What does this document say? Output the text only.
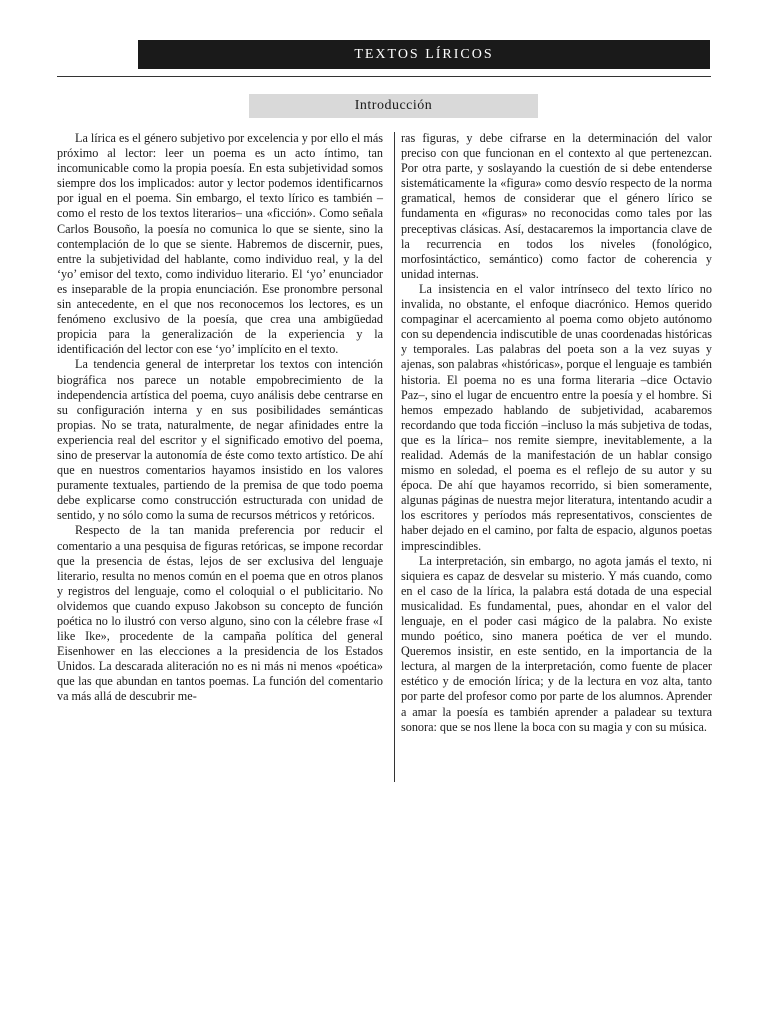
TEXTOS LÍRICOS
Introducción

La lírica es el género subjetivo por excelencia y por ello el más próximo al lector: leer un poema es un acto íntimo, tan incomunicable como la propia poesía. En esta subjetividad somos siempre dos los implicados: autor y lector podemos identificarnos por igual en el poema. Sin embargo, el texto lírico es también –como el resto de los textos literarios– una «ficción». Como señala Carlos Bousoño, la poesía no comunica lo que se siente, sino la contemplación de lo que se siente. Habremos de discernir, pues, entre la subjetividad del hablante, como individuo real, y la del ‘yo’ emisor del texto, como individuo literario. El ‘yo’ enunciador es inseparable de la propia enunciación. Ese pronombre personal sin antecedente, en el que nos reconocemos los lectores, es un fenómeno exclusivo de la poesía, que crea una ambigüedad propicia para la generalización de la experiencia y la identificación del lector con ese ‘yo’ implícito en el texto.

La tendencia general de interpretar los textos con intención biográfica nos parece un notable empobrecimiento de la independencia artística del poema, cuyo análisis debe centrarse en su configuración interna y en sus posibilidades semánticas propias. No se trata, naturalmente, de negar afinidades entre la experiencia real del escritor y el significado emotivo del poema, sino de preservar la autonomía de éste como texto artístico. De ahí que en nuestros comentarios hayamos insistido en los valores puramente textuales, partiendo de la premisa de que todo poema debe explicarse como construcción estructurada con unidad de sentido, y no sólo como la suma de recursos métricos y retóricos.

Respecto de la tan manida preferencia por reducir el comentario a una pesquisa de figuras retóricas, se impone recordar que la presencia de éstas, lejos de ser exclusiva del lenguaje literario, resulta no menos común en el poema que en otros planos y registros del lenguaje, como el coloquial o el publicitario. No olvidemos que cuando expuso Jakobson su concepto de función poética no lo ilustró con verso alguno, sino con la célebre frase «I like Ike», procedente de la campaña política del general Eisenhower en las elecciones a la presidencia de los Estados Unidos. La descarada aliteración no es ni más ni menos «poética» que las que abundan en tantos poemas. La función del comentario va más allá de descubrir me-

ras figuras, y debe cifrarse en la determinación del valor preciso con que funcionan en el contexto al que pertenezcan. Por otra parte, y soslayando la cuestión de si debe entenderse sistemáticamente la «figura» como desvío respecto de la norma gramatical, hemos de considerar que el género lírico se fundamenta en «figuras» no reconocidas como tales por las preceptivas clásicas. Así, destacaremos la importancia clave de la recurrencia en todos los niveles (fonológico, morfosintáctico, semántico) como factor de coherencia y unidad internas.

La insistencia en el valor intrínseco del texto lírico no invalida, no obstante, el enfoque diacrónico. Hemos querido compaginar el acercamiento al poema como objeto autónomo con su dependencia indiscutible de unas coordenadas históricas y temporales. Las palabras del poeta son a la vez suyas y ajenas, son palabras «históricas», porque el lenguaje es también historia. El poema no es una forma literaria –dice Octavio Paz–, sino el lugar de encuentro entre la poesía y el hombre. Si hemos empezado hablando de subjetividad, acabaremos recordando que toda ficción –incluso la más subjetiva de todas, que es la lírica– nos remite siempre, inevitablemente, a la realidad. Además de la manifestación de un hablar consigo mismo en soledad, el poema es el reflejo de su autor y su época. De ahí que hayamos recorrido, si bien someramente, algunas páginas de nuestra mejor literatura, intentando acudir a los escritores y períodos más representativos, conscientes de haber dejado en el camino, por falta de espacio, algunos poetas imprescindibles.

La interpretación, sin embargo, no agota jamás el texto, ni siquiera es capaz de desvelar su misterio. Y más cuando, como en el caso de la lírica, la palabra está dotada de una especial musicalidad. Es fundamental, pues, ahondar en el valor del lenguaje, en el poder casi mágico de la palabra. No existe mundo poético, sino manera poética de ver el mundo. Queremos insistir, en este sentido, en la importancia de la lectura, al margen de la interpretación, como fuente de placer estético y de emoción lírica; y de la lectura en voz alta, tanto por parte del profesor como por parte de los alumnos. Aprender a amar la poesía es también aprender a paladear su textura sonora: que se nos llene la boca con su magia y con su música.
